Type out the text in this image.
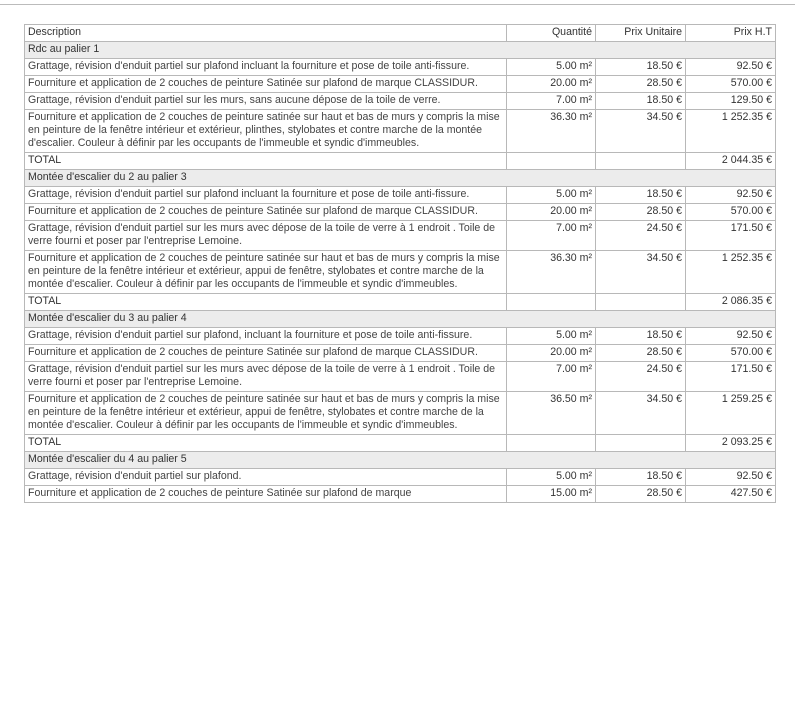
Description	Quantité	Prix Unitaire	Prix H.T
Rdc au palier 1			
Grattage, révision d'enduit partiel sur plafond incluant la fourniture et pose de toile anti-fissure.	5.00 m²	18.50 €	92.50 €
Fourniture et application de 2 couches de peinture Satinée sur plafond de marque CLASSIDUR.	20.00 m²	28.50 €	570.00 €
Grattage, révision d'enduit partiel sur les murs, sans aucune dépose de la toile de verre.	7.00 m²	18.50 €	129.50 €
Fourniture et application de 2 couches de peinture satinée sur haut et bas de murs y compris la mise en peinture de la fenêtre intérieur et extérieur, plinthes, stylobates et contre marche de la montée d'escalier. Couleur à définir par les occupants de l'immeuble et syndic d'immeubles.	36.30 m²	34.50 €	1 252.35 €
TOTAL			2 044.35 €
Montée d'escalier du 2 au palier 3			
Grattage, révision d'enduit partiel sur plafond incluant la fourniture et pose de toile anti-fissure.	5.00 m²	18.50 €	92.50 €
Fourniture et application de 2 couches de peinture Satinée sur plafond de marque CLASSIDUR.	20.00 m²	28.50 €	570.00 €
Grattage, révision d'enduit partiel sur les murs avec dépose de la toile de verre à 1 endroit . Toile de verre fourni et poser par l'entreprise Lemoine.	7.00 m²	24.50 €	171.50 €
Fourniture et application de 2 couches de peinture satinée sur haut et bas de murs y compris la mise en peinture de la fenêtre intérieur et extérieur, appui de fenêtre, stylobates et contre marche de la montée d'escalier. Couleur à définir par les occupants de l'immeuble et syndic d'immeubles.	36.30 m²	34.50 €	1 252.35 €
TOTAL			2 086.35 €
Montée d'escalier du 3 au palier 4			
Grattage, révision d'enduit partiel sur plafond, incluant la fourniture et pose de toile anti-fissure.	5.00 m²	18.50 €	92.50 €
Fourniture et application de 2 couches de peinture Satinée sur plafond de marque CLASSIDUR.	20.00 m²	28.50 €	570.00 €
Grattage, révision d'enduit partiel sur les murs avec dépose de la toile de verre à 1 endroit . Toile de verre fourni et poser par l'entreprise Lemoine.	7.00 m²	24.50 €	171.50 €
Fourniture et application de 2 couches de peinture satinée sur haut et bas de murs y compris la mise en peinture de la fenêtre intérieur et extérieur, appui de fenêtre, stylobates et contre marche de la montée d'escalier. Couleur à définir par les occupants de l'immeuble et syndic d'immeubles.	36.50 m²	34.50 €	1 259.25 €
TOTAL			2 093.25 €
Montée d'escalier du 4 au palier 5			
Grattage, révision d'enduit partiel sur plafond.	5.00 m²	18.50 €	92.50 €
Fourniture et application de 2 couches de peinture Satinée sur plafond de marque	15.00 m²	28.50 €	427.50 €
